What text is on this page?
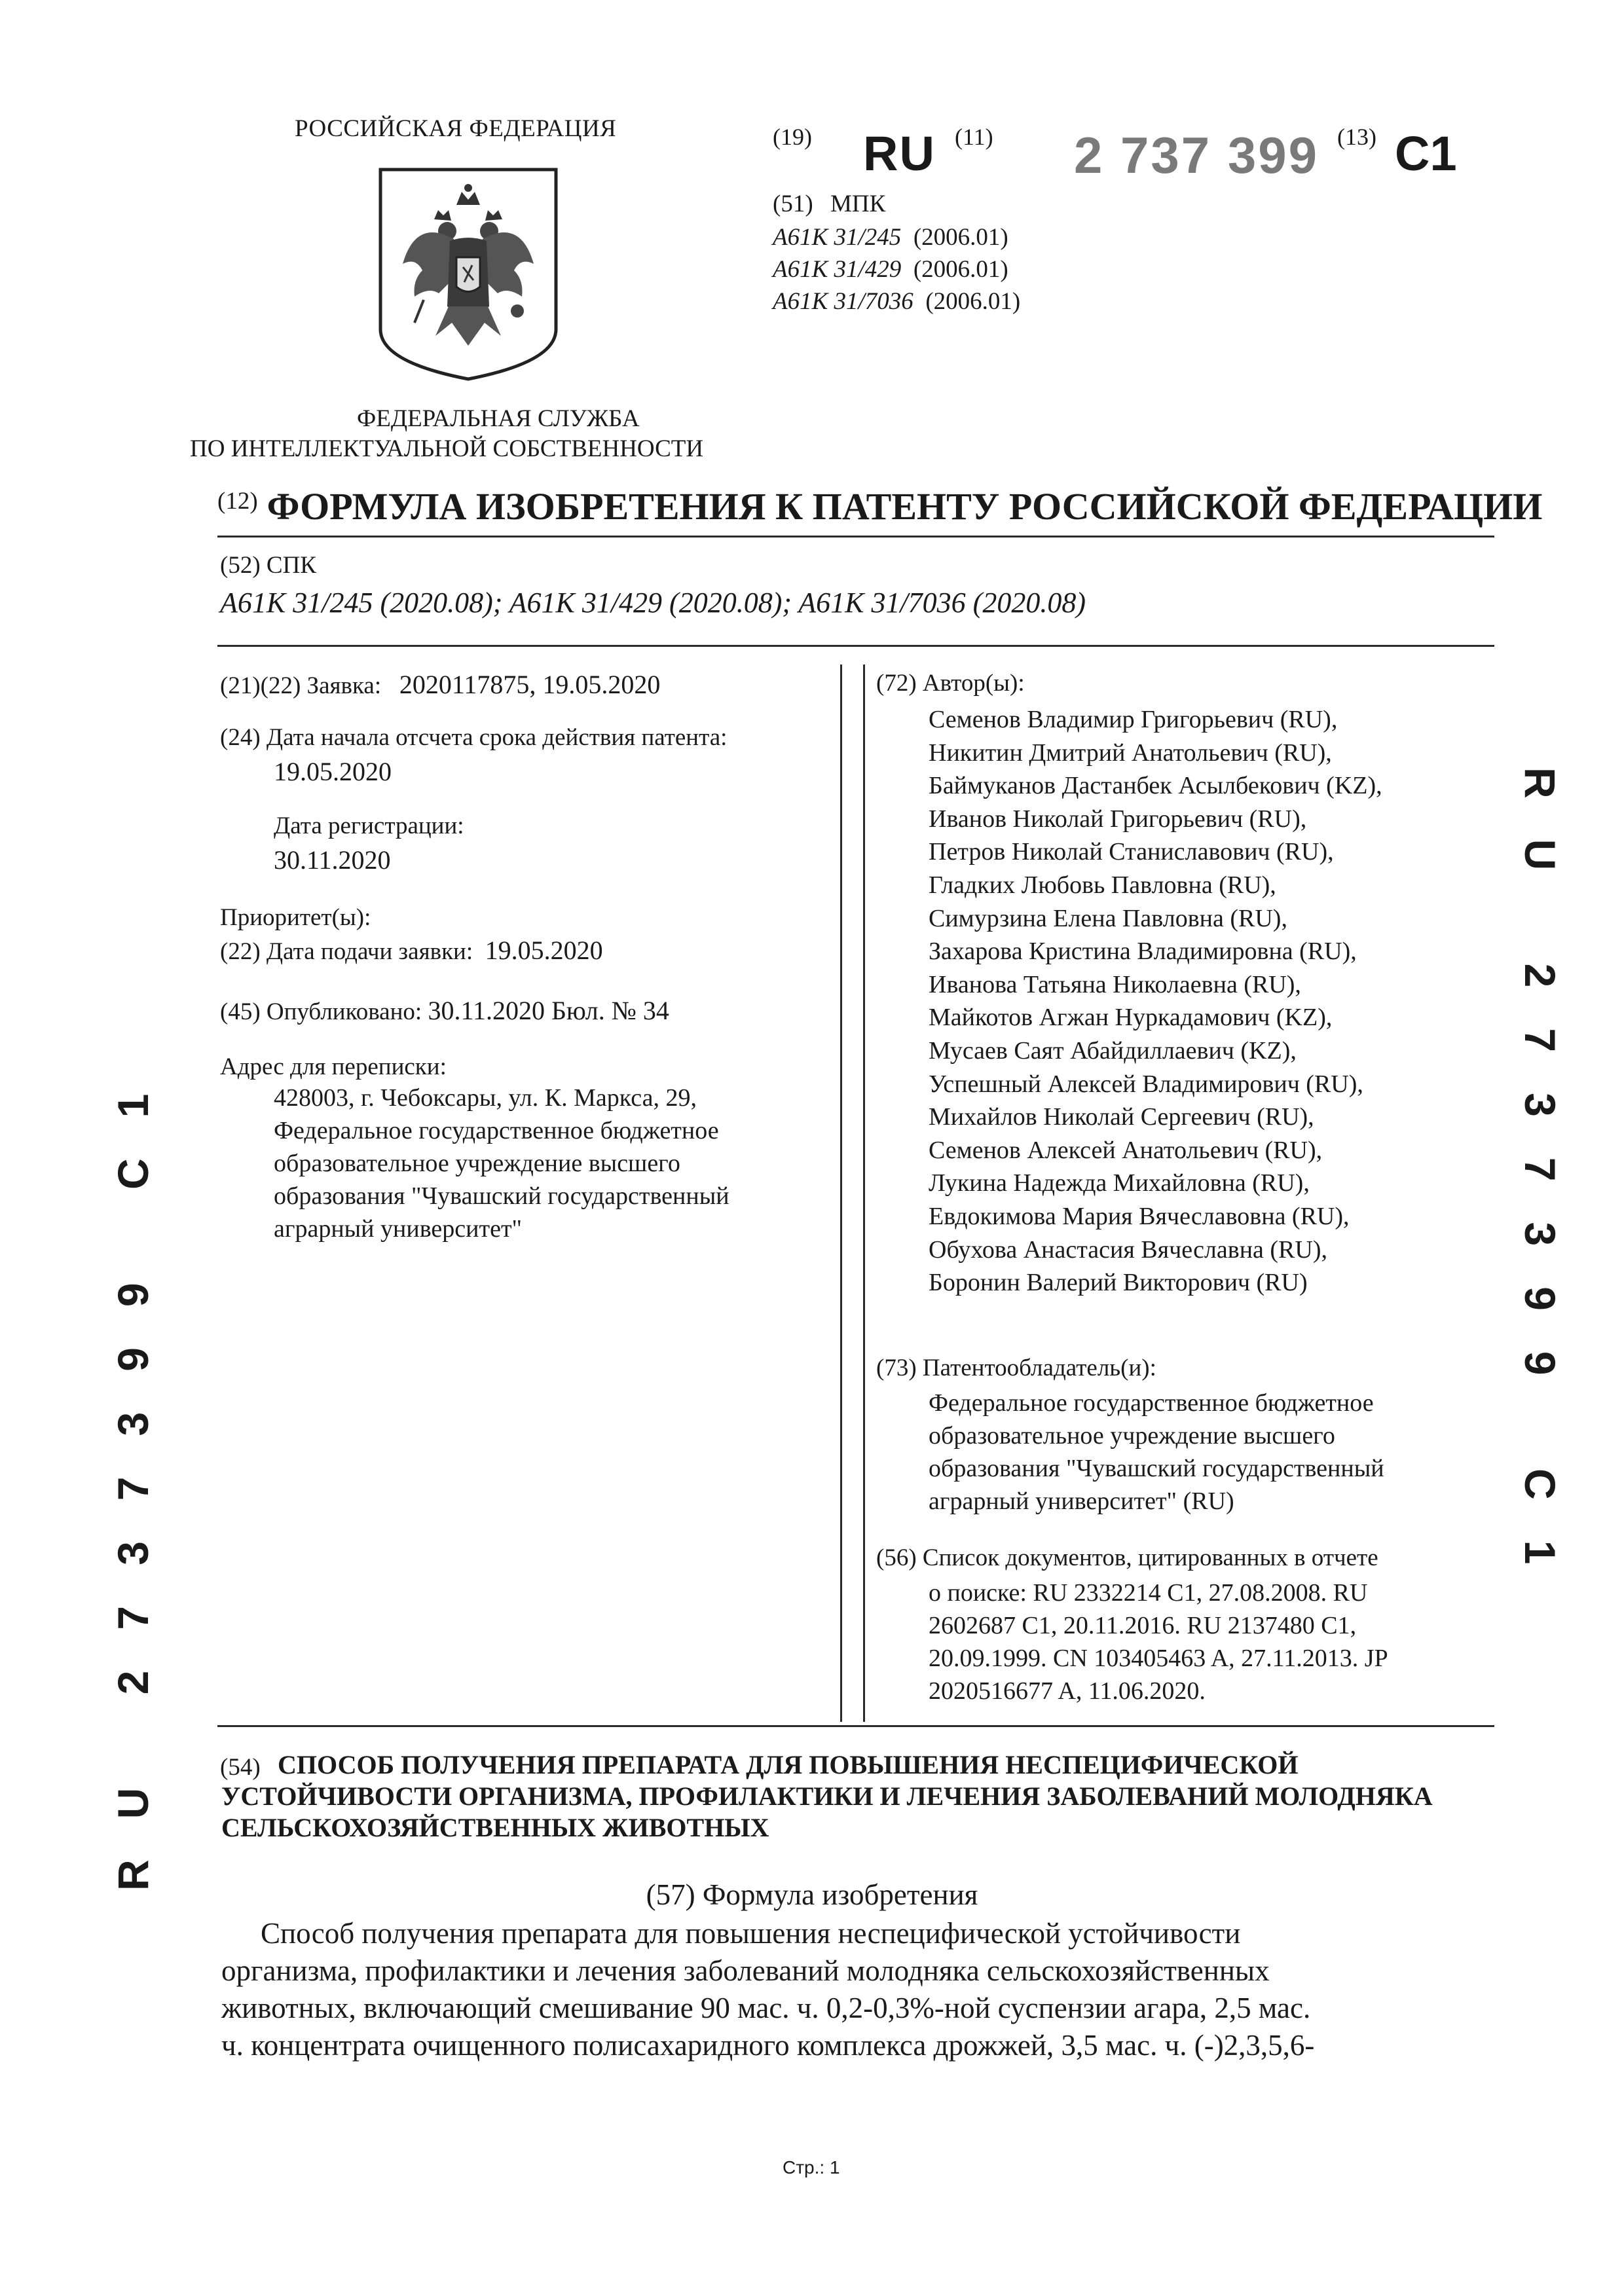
РОССИЙСКАЯ ФЕДЕРАЦИЯ
ФЕДЕРАЛЬНАЯ СЛУЖБА
ПО ИНТЕЛЛЕКТУАЛЬНОЙ СОБСТВЕННОСТИ
(19) RU (11) 2 737 399 (13) C1
(51) МПК
A61K 31/245 (2006.01)
A61K 31/429 (2006.01)
A61K 31/7036 (2006.01)
(12) ФОРМУЛА ИЗОБРЕТЕНИЯ К ПАТЕНТУ РОССИЙСКОЙ ФЕДЕРАЦИИ
(52) СПК
A61K 31/245 (2020.08); A61K 31/429 (2020.08); A61K 31/7036 (2020.08)
(21)(22) Заявка: 2020117875, 19.05.2020
(24) Дата начала отсчета срока действия патента:
19.05.2020
Дата регистрации:
30.11.2020
Приоритет(ы):
(22) Дата подачи заявки: 19.05.2020
(45) Опубликовано: 30.11.2020 Бюл. № 34
Адрес для переписки:
428003, г. Чебоксары, ул. К. Маркса, 29,
Федеральное государственное бюджетное
образовательное учреждение высшего
образования "Чувашский государственный
аграрный университет"
(72) Автор(ы):
Семенов Владимир Григорьевич (RU),
Никитин Дмитрий Анатольевич (RU),
Баймуканов Дастанбек Асылбекович (KZ),
Иванов Николай Григорьевич (RU),
Петров Николай Станиславович (RU),
Гладких Любовь Павловна (RU),
Симурзина Елена Павловна (RU),
Захарова Кристина Владимировна (RU),
Иванова Татьяна Николаевна (RU),
Майкотов Агжан Нуркадамович (KZ),
Мусаев Саят Абайдиллаевич (KZ),
Успешный Алексей Владимирович (RU),
Михайлов Николай Сергеевич (RU),
Семенов Алексей Анатольевич (RU),
Лукина Надежда Михайловна (RU),
Евдокимова Мария Вячеславовна (RU),
Обухова Анастасия Вячеславна (RU),
Боронин Валерий Викторович (RU)
(73) Патентообладатель(и):
Федеральное государственное бюджетное
образовательное учреждение высшего
образования "Чувашский государственный
аграрный университет" (RU)
(56) Список документов, цитированных в отчете
о поиске: RU 2332214 C1, 27.08.2008. RU
2602687 C1, 20.11.2016. RU 2137480 C1,
20.09.1999. CN 103405463 A, 27.11.2013. JP
2020516677 A, 11.06.2020.
(54) СПОСОБ ПОЛУЧЕНИЯ ПРЕПАРАТА ДЛЯ ПОВЫШЕНИЯ НЕСПЕЦИФИЧЕСКОЙ
УСТОЙЧИВОСТИ ОРГАНИЗМА, ПРОФИЛАКТИКИ И ЛЕЧЕНИЯ ЗАБОЛЕВАНИЙ МОЛОДНЯКА
СЕЛЬСКОХОЗЯЙСТВЕННЫХ ЖИВОТНЫХ
(57) Формула изобретения
Способ получения препарата для повышения неспецифической устойчивости
организма, профилактики и лечения заболеваний молодняка сельскохозяйственных
животных, включающий смешивание 90 мас. ч. 0,2-0,3%-ной суспензии агара, 2,5 мас.
ч. концентрата очищенного полисахаридного комплекса дрожжей, 3,5 мас. ч. (-)2,3,5,6-
RU 2737399 C1
RU 2737399 C1
Стр.: 1
